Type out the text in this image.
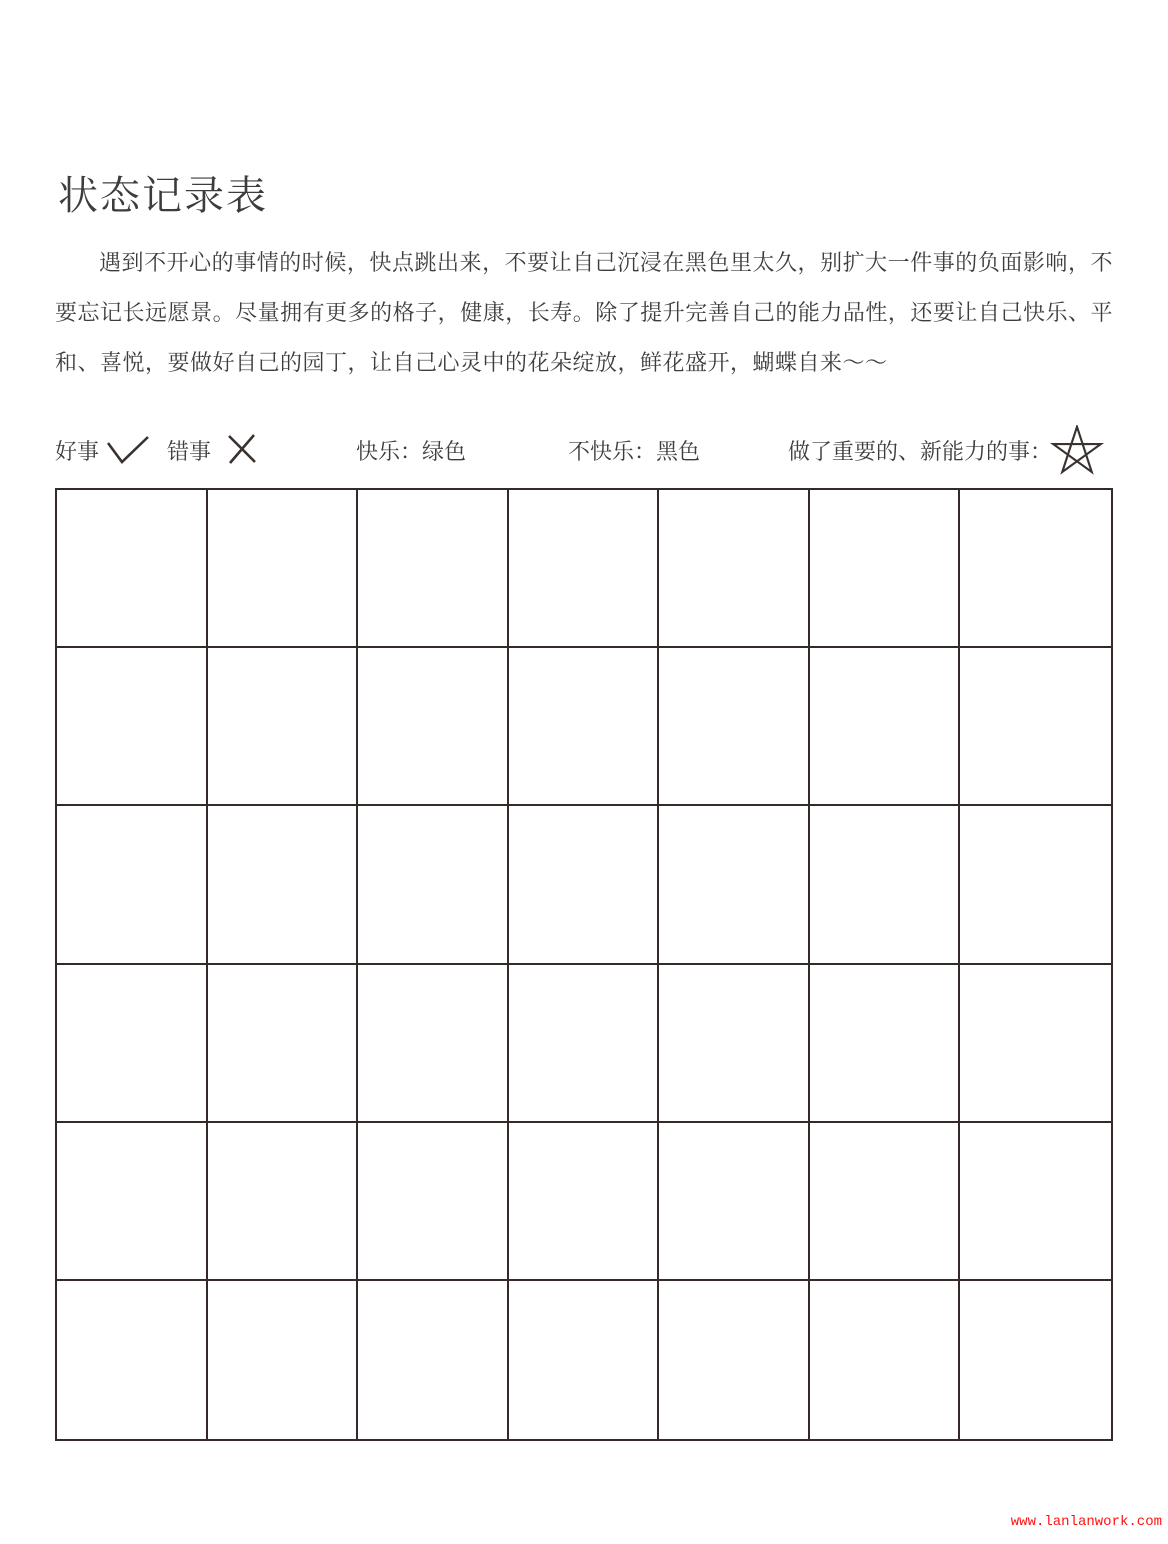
状态记录表

遇到不开心的事情的时候，快点跳出来，不要让自己沉浸在黑色里太久，别扩大一件事的负面影响，不要忘记长远愿景。尽量拥有更多的格子，健康，长寿。除了提升完善自己的能力品性，还要让自己快乐、平和、喜悦，要做好自己的园丁，让自己心灵中的花朵绽放，鲜花盛开，蝴蝶自来～～

好事	错事	快乐：绿色	不快乐：黑色	做了重要的、新能力的事：
www.lanlanwork.com
